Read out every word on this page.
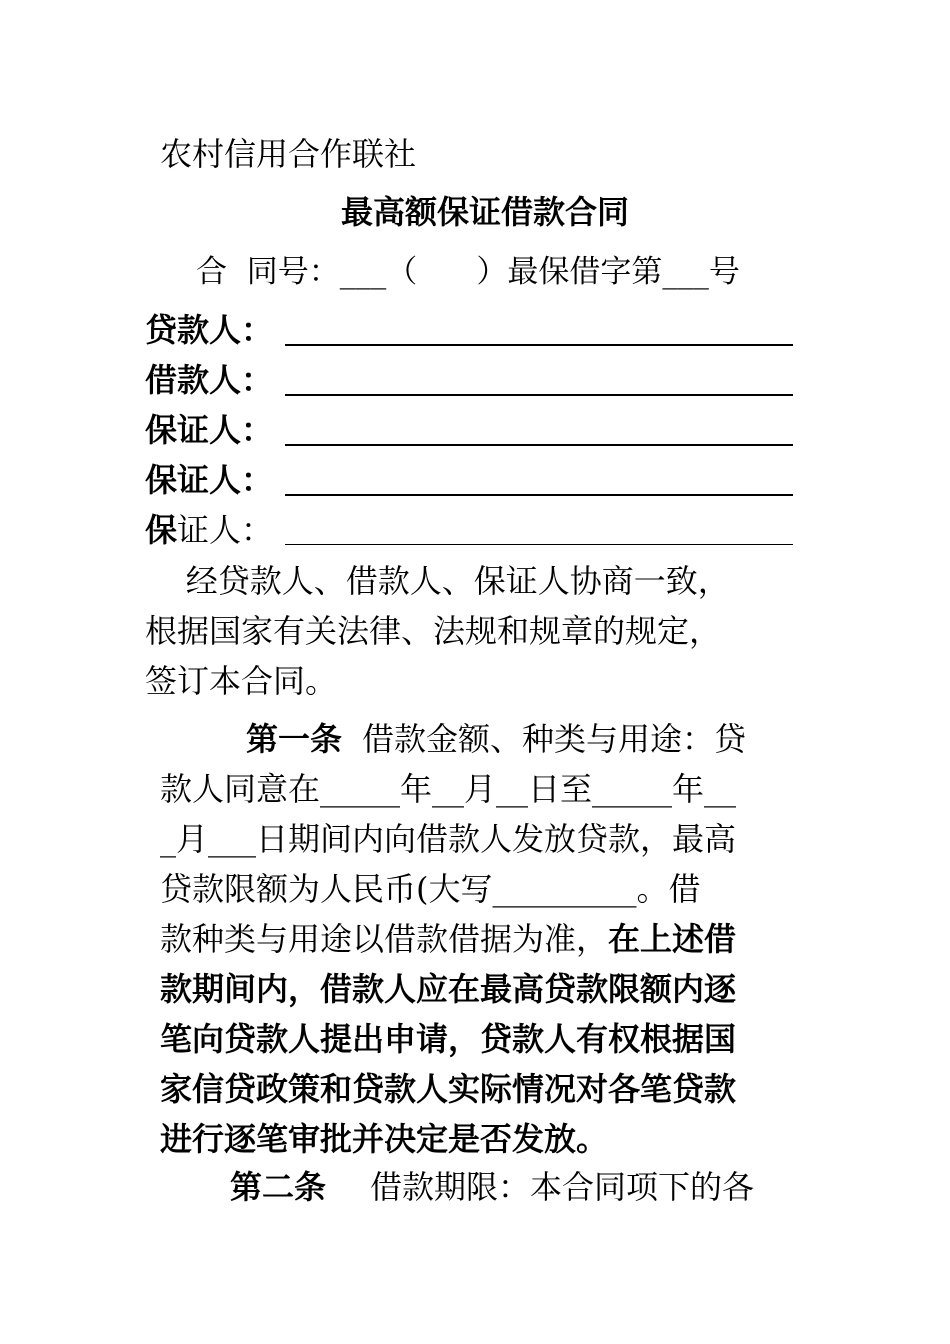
农村信用合作联社
最高额保证借款合同
合  同号：___（      ）最保借字第___号
贷款人：
借款人：
保证人：
保证人：
保证人：
经贷款人、借款人、保证人协商一致，
根据国家有关法律、法规和规章的规定，
签订本合同。
第一条 借款金额、种类与用途：贷
款人同意在_____年__月__日至_____年__
_月___日期间内向借款人发放贷款，最高
贷款限额为人民币(大写_________。借
款种类与用途以借款借据为准，在上述借
款期间内，借款人应在最高贷款限额内逐
笔向贷款人提出申请，贷款人有权根据国
家信贷政策和贷款人实际情况对各笔贷款
进行逐笔审批并决定是否发放。
第二条 借款期限：本合同项下的各
